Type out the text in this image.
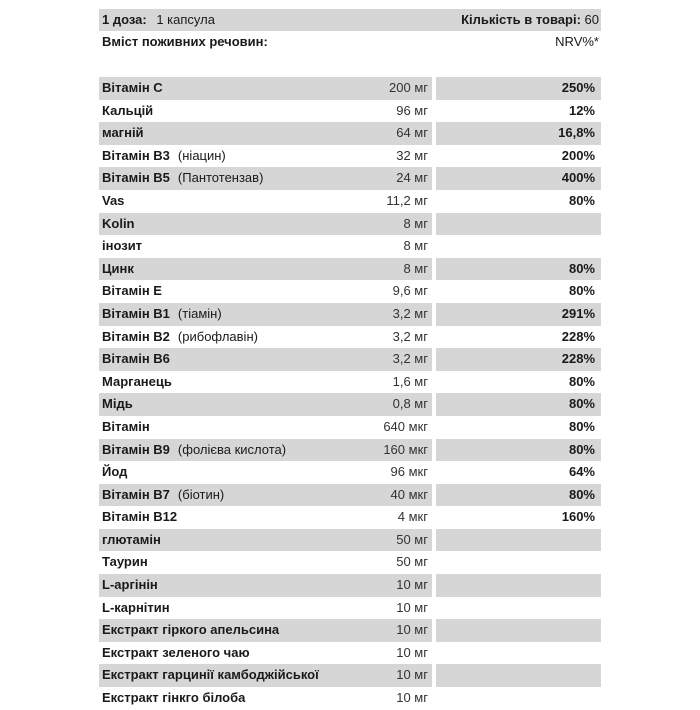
1 доза: 1 капсула	Кількість в товарі: 60
Вміст поживних речовин:	NRV%*
Вітамін С	200 мг	250%
Кальцій	96 мг	12%
магній	64 мг	16,8%
Вітамін В3 (ніацин)	32 мг	200%
Вітамін В5 (Пантотензав)	24 мг	400%
Vas	11,2 мг	80%
Kolin	8 мг
інозит	8 мг
Цинк	8 мг	80%
Вітамін Е	9,6 мг	80%
Вітамін В1 (тіамін)	3,2 мг	291%
Вітамін В2 (рибофлавін)	3,2 мг	228%
Вітамін В6	3,2 мг	228%
Марганець	1,6 мг	80%
Мідь	0,8 мг	80%
Вітамін	640 мкг	80%
Вітамін В9 (фолієва кислота)	160 мкг	80%
Йод	96 мкг	64%
Вітамін В7 (біотин)	40 мкг	80%
Вітамін В12	4 мкг	160%
глютамін	50 мг
Таурин	50 мг
L-аргінін	10 мг
L-карнітин	10 мг
Екстракт гіркого апельсина	10 мг
Екстракт зеленого чаю	10 мг
Екстракт гарцинії камбоджійської	10 мг
Екстракт гінкго білоба	10 мг
